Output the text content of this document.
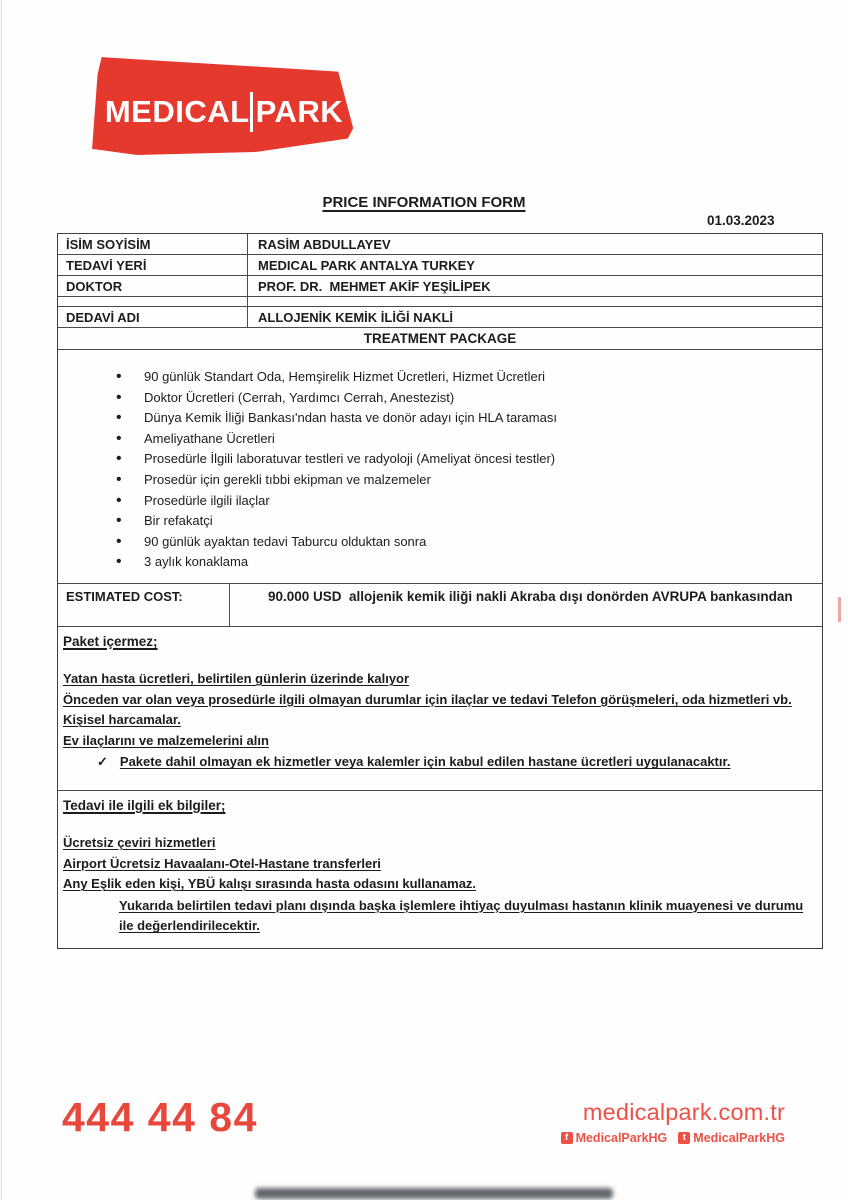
MEDICA L PARK
PRICE INFORMATION FORM
01.03.2023
İSİM SOYİSİM	RASİM ABDULLAYEV
TEDAVİ YERİ	MEDICAL PARK ANTALYA TURKEY
DOKTOR	PROF. DR.  MEHMET AKİF YEŞİLİPEK
DEDAVİ ADI	ALLOJENİK KEMİK İLİĞİ NAKLİ
TREATMENT PACKAGE
• 90 günlük Standart Oda, Hemşirelik Hizmet Ücretleri, Hizmet Ücretleri
• Doktor Ücretleri (Cerrah, Yardımcı Cerrah, Anestezist)
• Dünya Kemik İliği Bankası'ndan hasta ve donör adayı için HLA taraması
• Ameliyathane Ücretleri
• Prosedürle İlgili laboratuvar testleri ve radyoloji (Ameliyat öncesi testler)
• Prosedür için gerekli tıbbi ekipman ve malzemeler
• Prosedürle ilgili ilaçlar
• Bir refakatçi
• 90 günlük ayaktan tedavi Taburcu olduktan sonra
• 3 aylık konaklama
ESTIMATED COST:	90.000 USD  allojenik kemik iliği nakli Akraba dışı donörden AVRUPA bankasından

Paket içermez;

Yatan hasta ücretleri, belirtilen günlerin üzerinde kalıyor

Önceden var olan veya prosedürle ilgili olmayan durumlar için ilaçlar ve tedavi Telefon görüşmeleri, oda hizmetleri vb. Kişisel harcamalar.

Ev ilaçlarını ve malzemelerini alın

✓ Pakete dahil olmayan ek hizmetler veya kalemler için kabul edilen hastane ücretleri uygulanacaktır.

Tedavi ile ilgili ek bilgiler;

Ücretsiz çeviri hizmetleri

Airport Ücretsiz Havaalanı-Otel-Hastane transferleri

Any Eşlik eden kişi, YBÜ kalışı sırasında hasta odasını kullanamaz.

Yukarıda belirtilen tedavi planı dışında başka işlemlere ihtiyaç duyulması hastanın klinik muayenesi ve durumu ile değerlendirilecektir.

444 44 84	medicalpark.com.tr
f MedicalParkHG	t MedicalParkHG
